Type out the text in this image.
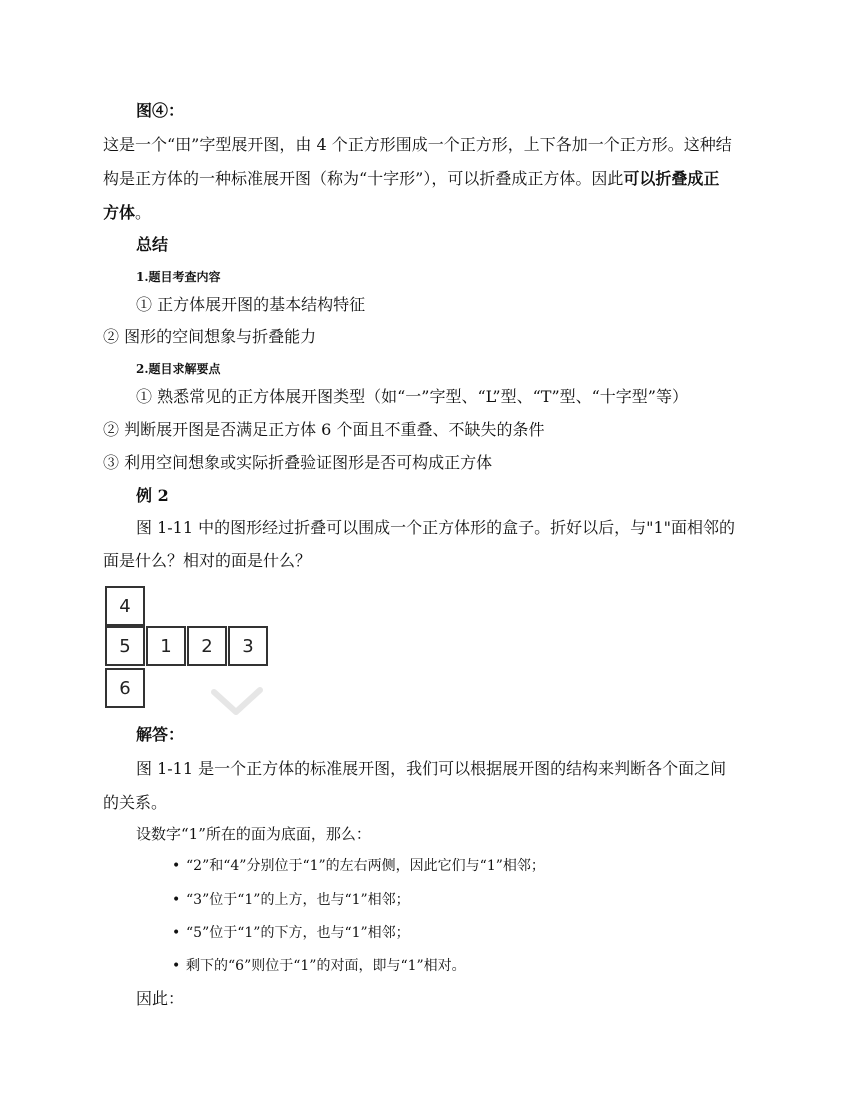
图④：
这是一个“田”字型展开图，由 4 个正方形围成一个正方形，上下各加一个正方形。这种结
构是正方体的一种标准展开图（称为“十字形”），可以折叠成正方体。因此可以折叠成正
方体。
总结
1.题目考查内容
① 正方体展开图的基本结构特征
② 图形的空间想象与折叠能力
2.题目求解要点
① 熟悉常见的正方体展开图类型（如“一”字型、“L”型、“T”型、“十字型”等）
② 判断展开图是否满足正方体 6 个面且不重叠、不缺失的条件
③ 利用空间想象或实际折叠验证图形是否可构成正方体
例 2
图 1-11 中的图形经过折叠可以围成一个正方体形的盒子。折好以后，与"1"面相邻的
面是什么？相对的面是什么？
4
5	1	2	3
6
解答：
图 1-11 是一个正方体的标准展开图，我们可以根据展开图的结构来判断各个面之间
的关系。
设数字“1”所在的面为底面，那么：
• “2”和“4”分别位于“1”的左右两侧，因此它们与“1”相邻；
• “3”位于“1”的上方，也与“1”相邻；
• “5”位于“1”的下方，也与“1”相邻；
• 剩下的“6”则位于“1”的对面，即与“1”相对。
因此：
